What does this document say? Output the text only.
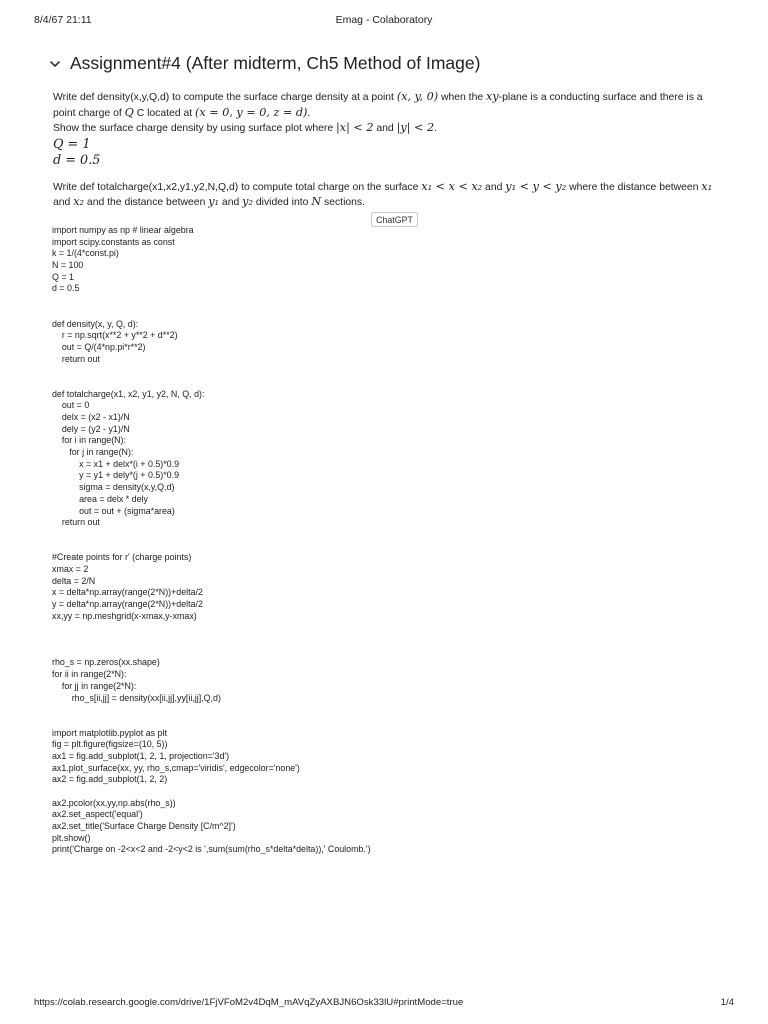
8/4/67 21:11	Emag - Colaboratory
Assignment#4 (After midterm, Ch5 Method of Image)

Write def density(x,y,Q,d) to compute the surface charge density at a point (x, y, 0) when the xy-plane is a conducting surface and there is a

point charge of Q C located at (x = 0, y = 0, z = d).

Show the surface charge density by using surface plot where |x| < 2 and |y| < 2.

Q = 1

d = 0.5

Write def totalcharge(x1,x2,y1,y2,N,Q,d) to compute total charge on the surface x₁ < x < x₂ and y₁ < y < y₂ where the distance between x₁

and x₂ and the distance between y₁ and y₂ divided into N sections.

ChatGPT
import numpy as np # linear algebra
import scipy.constants as const
k = 1/(4*const.pi)
N = 100
Q = 1
d = 0.5
def density(x, y, Q, d):
r = np.sqrt(x**2 + y**2 + d**2)
out = Q/(4*np.pi*r**2)
return out
def totalcharge(x1, x2, y1, y2, N, Q, d):
out = 0
delx = (x2 - x1)/N
dely = (y2 - y1)/N
for i in range(N):
for j in range(N):
x = x1 + delx*(i + 0.5)*0.9
y = y1 + dely*(j + 0.5)*0.9
sigma = density(x,y,Q,d)
area = delx * dely
out = out + (sigma*area)
return out
#Create points for r' (charge points)
xmax = 2
delta = 2/N
x = delta*np.array(range(2*N))+delta/2
y = delta*np.array(range(2*N))+delta/2
xx,yy = np.meshgrid(x-xmax,y-xmax)
rho_s = np.zeros(xx.shape)
for ii in range(2*N):
for jj in range(2*N):
rho_s[ii,jj] = density(xx[ii,jj],yy[ii,jj],Q,d)
import matplotlib.pyplot as plt
fig = plt.figure(figsize=(10, 5))
ax1 = fig.add_subplot(1, 2, 1, projection='3d')
ax1.plot_surface(xx, yy, rho_s,cmap='viridis', edgecolor='none')
ax2 = fig.add_subplot(1, 2, 2)
ax2.pcolor(xx,yy,np.abs(rho_s))
ax2.set_aspect('equal')
ax2.set_title('Surface Charge Density [C/m^2]')
plt.show()
print('Charge on -2<x<2 and -2<y<2 is ',sum(sum(rho_s*delta*delta)),' Coulomb.')
https://colab.research.google.com/drive/1FjVFoM2v4DqM_mAVqZyAXBJN6Osk33lU#printMode=true	1/4
